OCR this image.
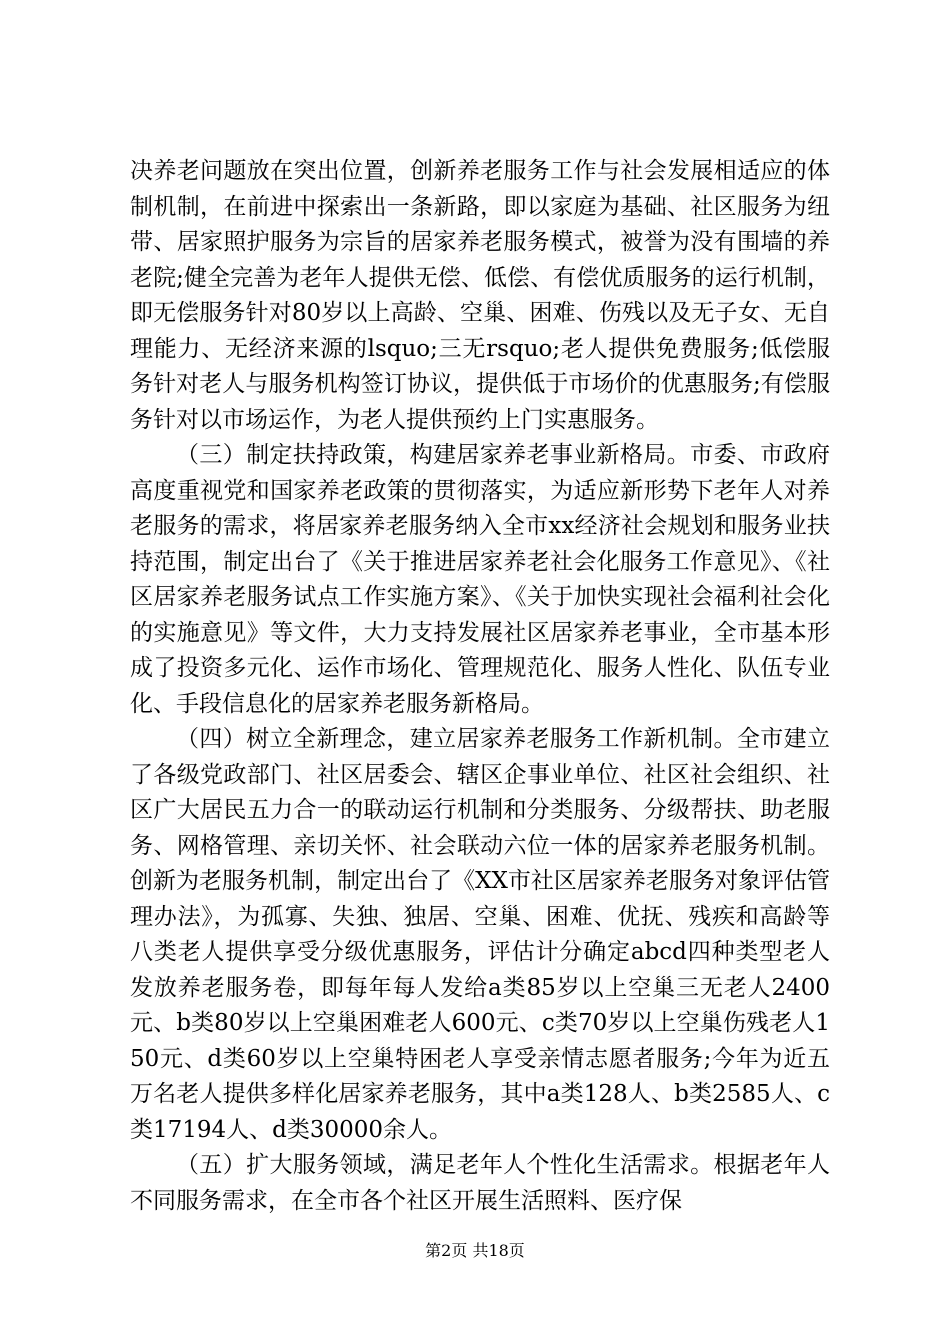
决养老问题放在突出位置，创新养老服务工作与社会发展相适应的体制机制，在前进中探索出一条新路，即以家庭为基础、社区服务为纽带、居家照护服务为宗旨的居家养老服务模式，被誉为没有围墙的养老院;健全完善为老年人提供无偿、低偿、有偿优质服务的运行机制，即无偿服务针对80岁以上高龄、空巢、困难、伤残以及无子女、无自理能力、无经济来源的lsquo;三无rsquo;老人提供免费服务;低偿服务针对老人与服务机构签订协议，提供低于市场价的优惠服务;有偿服务针对以市场运作，为老人提供预约上门实惠服务。

（三）制定扶持政策，构建居家养老事业新格局。市委、市政府高度重视党和国家养老政策的贯彻落实，为适应新形势下老年人对养老服务的需求，将居家养老服务纳入全市xx经济社会规划和服务业扶持范围，制定出台了《关于推进居家养老社会化服务工作意见》、《社区居家养老服务试点工作实施方案》、《关于加快实现社会福利社会化的实施意见》等文件，大力支持发展社区居家养老事业，全市基本形成了投资多元化、运作市场化、管理规范化、服务人性化、队伍专业化、手段信息化的居家养老服务新格局。

（四）树立全新理念，建立居家养老服务工作新机制。全市建立了各级党政部门、社区居委会、辖区企事业单位、社区社会组织、社区广大居民五力合一的联动运行机制和分类服务、分级帮扶、助老服务、网格管理、亲切关怀、社会联动六位一体的居家养老服务机制。创新为老服务机制，制定出台了《XX市社区居家养老服务对象评估管理办法》，为孤寡、失独、独居、空巢、困难、优抚、残疾和高龄等八类老人提供享受分级优惠服务，评估计分确定abcd四种类型老人发放养老服务卷，即每年每人发给a类85岁以上空巢三无老人2400元、b类80岁以上空巢困难老人600元、c类70岁以上空巢伤残老人150元、d类60岁以上空巢特困老人享受亲情志愿者服务;今年为近五万名老人提供多样化居家养老服务，其中a类128人、b类2585人、c类17194人、d类30000余人。

（五）扩大服务领域，满足老年人个性化生活需求。根据老年人不同服务需求，在全市各个社区开展生活照料、医疗保

第2页 共18页
